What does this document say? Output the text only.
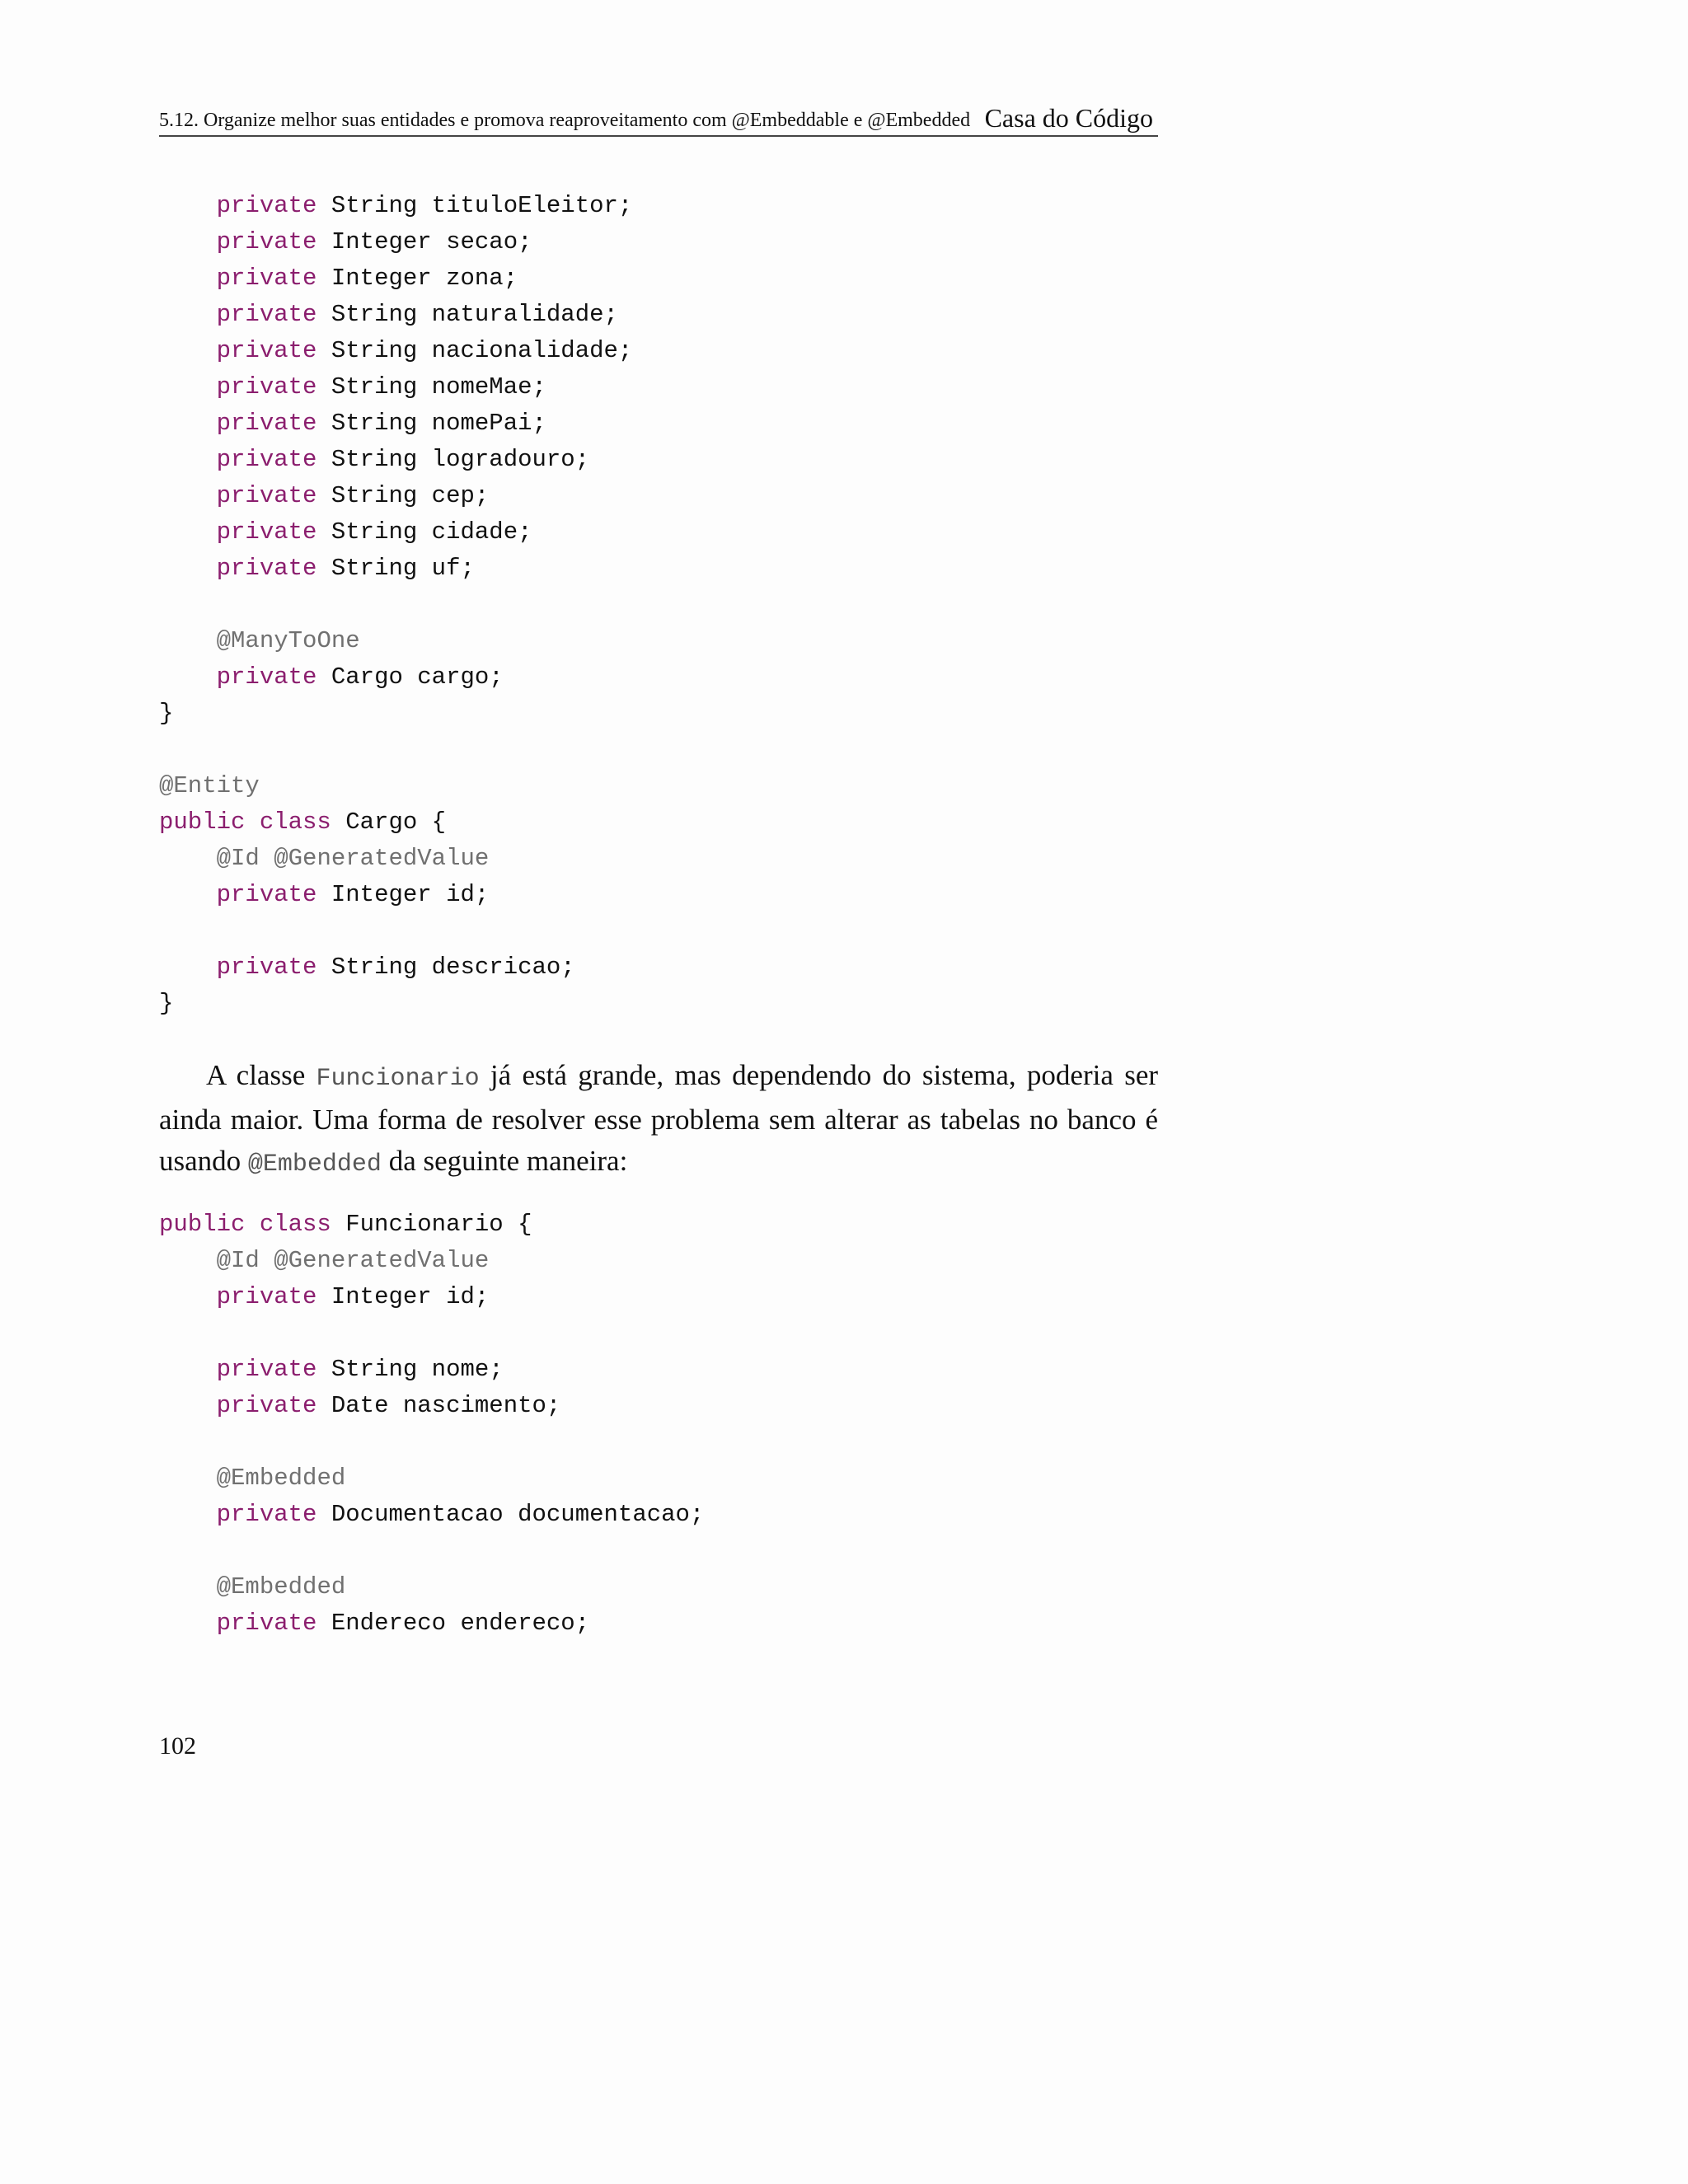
5.12. Organize melhor suas entidades e promova reaproveitamento com @Embeddable e @Embedded Casa do Código
private String tituloEleitor;
private Integer secao;
private Integer zona;
private String naturalidade;
private String nacionalidade;
private String nomeMae;
private String nomePai;
private String logradouro;
private String cep;
private String cidade;
private String uf;
@ManyToOne
private Cargo cargo;
}
@Entity
public class Cargo {
@Id @GeneratedValue
private Integer id;
private String descricao;
}

A classe Funcionario já está grande, mas dependendo do sistema, poderia ser ainda maior. Uma forma de resolver esse problema sem alterar as tabelas no banco é usando @Embedded da seguinte maneira:

public class Funcionario {
@Id @GeneratedValue
private Integer id;
private String nome;
private Date nascimento;
@Embedded
private Documentacao documentacao;
@Embedded
private Endereco endereco;
102
